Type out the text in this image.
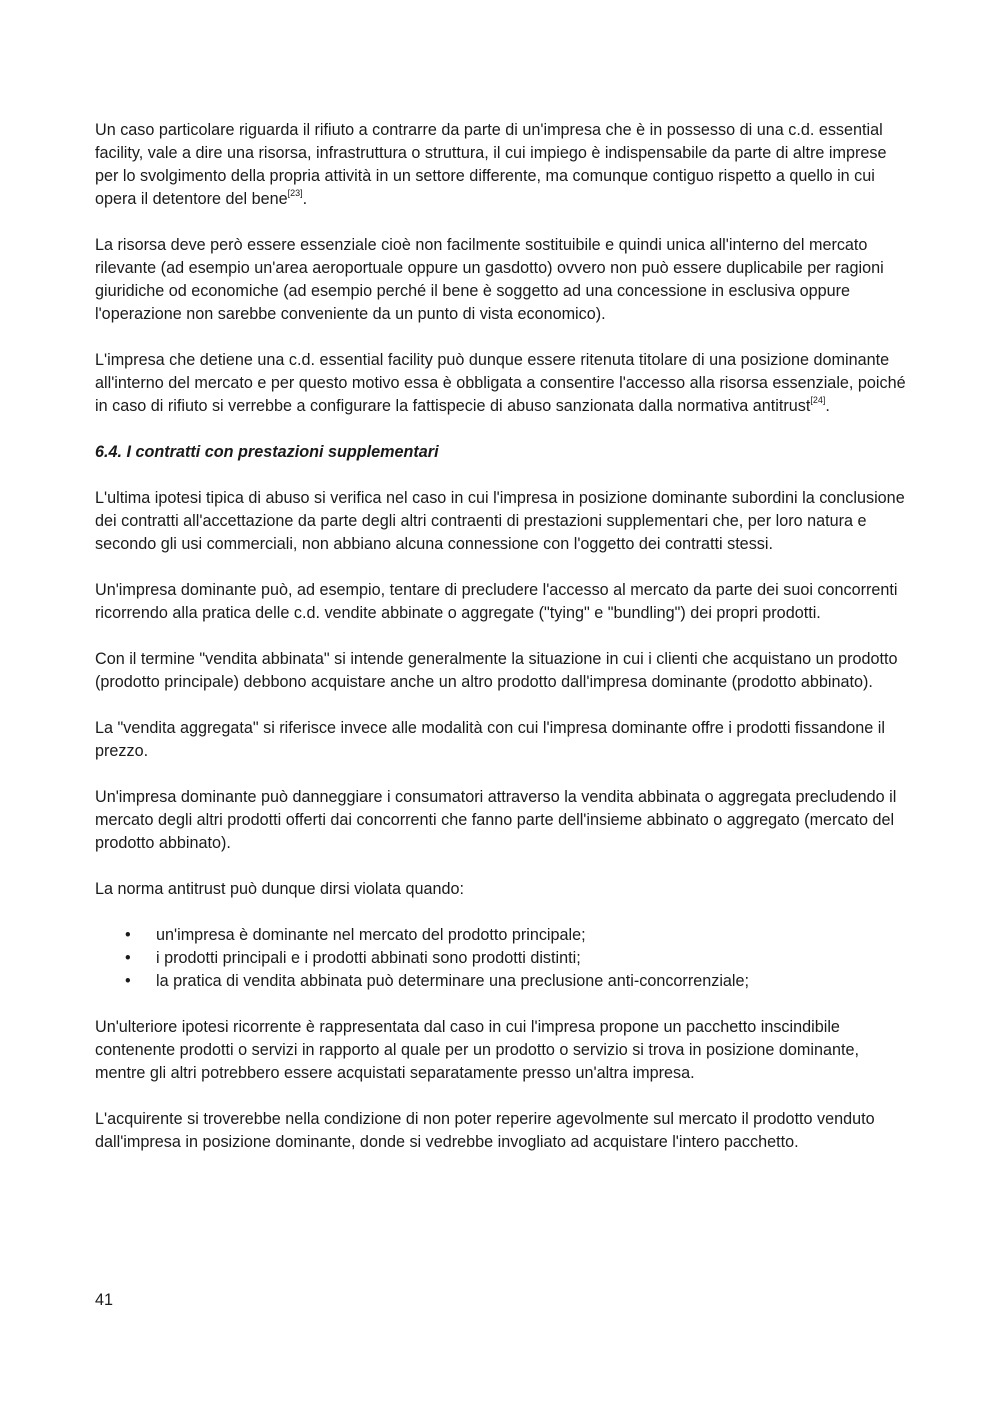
Un caso particolare riguarda il rifiuto a contrarre da parte di un'impresa che è in possesso di una c.d. essential facility, vale a dire una risorsa, infrastruttura o struttura, il cui impiego è indispensabile da parte di altre imprese per lo svolgimento della propria attività in un settore differente, ma comunque contiguo rispetto a quello in cui opera il detentore del bene[23].

La risorsa deve però essere essenziale cioè non facilmente sostituibile e quindi unica all'interno del mercato rilevante (ad esempio un'area aeroportuale oppure un gasdotto) ovvero non può essere duplicabile per ragioni giuridiche od economiche (ad esempio perché il bene è soggetto ad una concessione in esclusiva oppure l'operazione non sarebbe conveniente da un punto di vista economico).

L'impresa che detiene una c.d. essential facility può dunque essere ritenuta titolare di una posizione dominante all'interno del mercato e per questo motivo essa è obbligata a consentire l'accesso alla risorsa essenziale, poiché in caso di rifiuto si verrebbe a configurare la fattispecie di abuso sanzionata dalla normativa antitrust[24].

6.4. I contratti con prestazioni supplementari

L'ultima ipotesi tipica di abuso si verifica nel caso in cui l'impresa in posizione dominante subordini la conclusione dei contratti all'accettazione da parte degli altri contraenti di prestazioni supplementari che, per loro natura e secondo gli usi commerciali, non abbiano alcuna connessione con l'oggetto dei contratti stessi.

Un'impresa dominante può, ad esempio, tentare di precludere l'accesso al mercato da parte dei suoi concorrenti ricorrendo alla pratica delle c.d. vendite abbinate o aggregate ("tying" e "bundling") dei propri prodotti.

Con il termine "vendita abbinata" si intende generalmente la situazione in cui i clienti che acquistano un prodotto (prodotto principale) debbono acquistare anche un altro prodotto dall'impresa dominante (prodotto abbinato).

La "vendita aggregata" si riferisce invece alle modalità con cui l'impresa dominante offre i prodotti fissandone il prezzo.

Un'impresa dominante può danneggiare i consumatori attraverso la vendita abbinata o aggregata precludendo il mercato degli altri prodotti offerti dai concorrenti che fanno parte dell'insieme abbinato o aggregato (mercato del prodotto abbinato).

La norma antitrust può dunque dirsi violata quando:

• un'impresa è dominante nel mercato del prodotto principale;
• i prodotti principali e i prodotti abbinati sono prodotti distinti;
• la pratica di vendita abbinata può determinare una preclusione anti-concorrenziale;

Un'ulteriore ipotesi ricorrente è rappresentata dal caso in cui l'impresa propone un pacchetto inscindibile contenente prodotti o servizi in rapporto al quale per un prodotto o servizio si trova in posizione dominante, mentre gli altri potrebbero essere acquistati separatamente presso un'altra impresa.

L'acquirente si troverebbe nella condizione di non poter reperire agevolmente sul mercato il prodotto venduto dall'impresa in posizione dominante, donde si vedrebbe invogliato ad acquistare l'intero pacchetto.

41
